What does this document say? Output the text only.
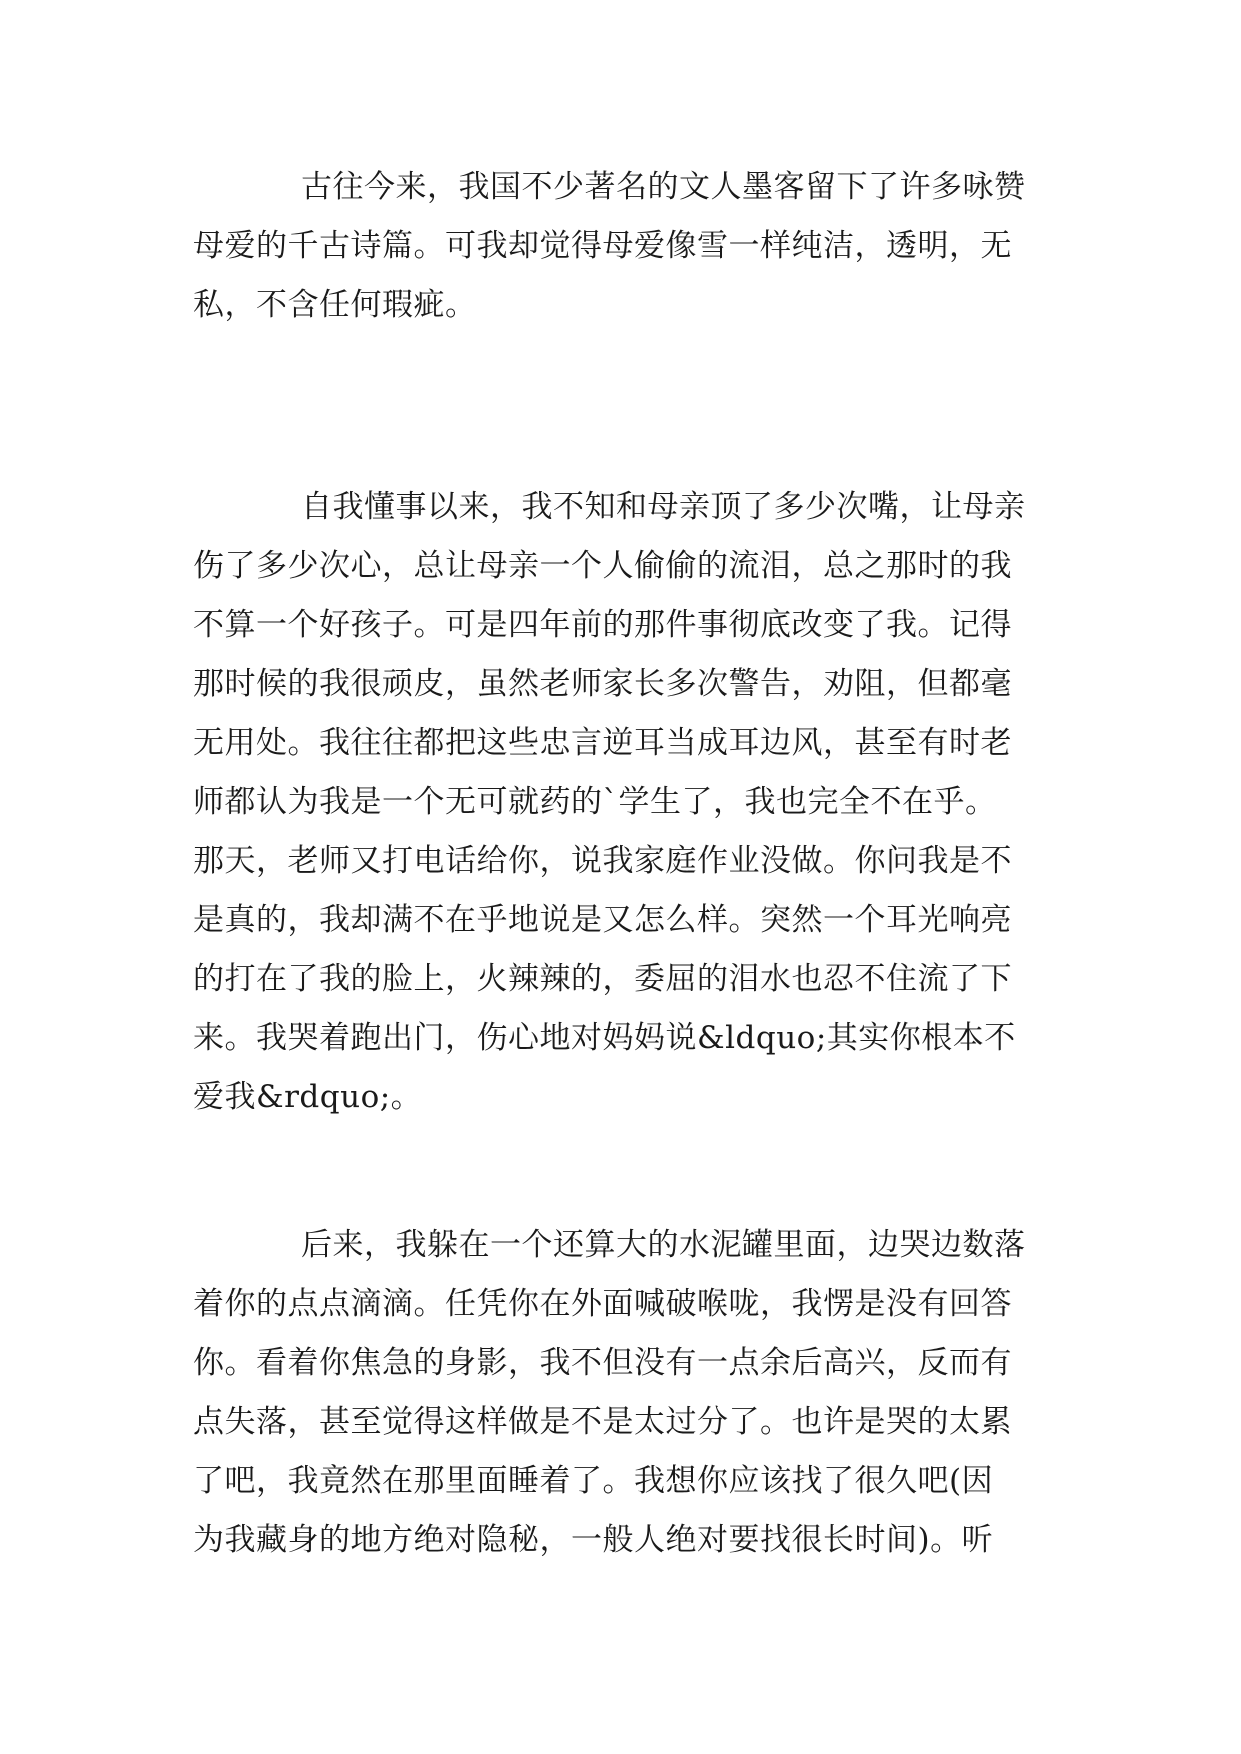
古往今来，我国不少著名的文人墨客留下了许多咏赞
母爱的千古诗篇。可我却觉得母爱像雪一样纯洁，透明，无
私，不含任何瑕疵。
自我懂事以来，我不知和母亲顶了多少次嘴，让母亲
伤了多少次心，总让母亲一个人偷偷的流泪，总之那时的我
不算一个好孩子。可是四年前的那件事彻底改变了我。记得
那时候的我很顽皮，虽然老师家长多次警告，劝阻，但都毫
无用处。我往往都把这些忠言逆耳当成耳边风，甚至有时老
师都认为我是一个无可就药的`学生了，我也完全不在乎。
那天，老师又打电话给你，说我家庭作业没做。你问我是不
是真的，我却满不在乎地说是又怎么样。突然一个耳光响亮
的打在了我的脸上，火辣辣的，委屈的泪水也忍不住流了下
来。我哭着跑出门，伤心地对妈妈说&ldquo;其实你根本不
爱我&rdquo;。
后来，我躲在一个还算大的水泥罐里面，边哭边数落
着你的点点滴滴。任凭你在外面喊破喉咙，我愣是没有回答
你。看着你焦急的身影，我不但没有一点余后高兴，反而有
点失落，甚至觉得这样做是不是太过分了。也许是哭的太累
了吧，我竟然在那里面睡着了。我想你应该找了很久吧(因
为我藏身的地方绝对隐秘，一般人绝对要找很长时间)。听
